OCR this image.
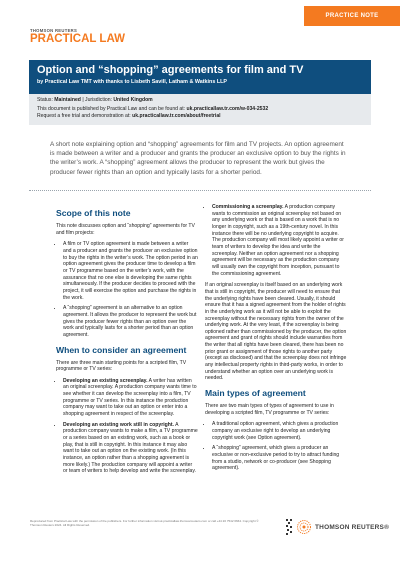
PRACTICE NOTE
THOMSON REUTERS
PRACTICAL LAW
Option and “shopping” agreements for film and TV
by Practical Law TMT with thanks to Lisbeth Savill, Latham & Watkins LLP
Status: Maintained | Jurisdiction: United Kingdom
This document is published by Practical Law and can be found at: uk.practicallaw.tr.com/w-034-2532
Request a free trial and demonstration at: uk.practicallaw.tr.com/about/freetrial
A short note explaining option and “shopping” agreements for film and TV projects. An option agreement is made between a writer and a producer and grants the producer an exclusive option to buy the rights in the writer’s work. A “shopping” agreement allows the producer to represent the work but gives the producer fewer rights than an option and typically lasts for a shorter period.
Scope of this note

This note discusses option and “shopping” agreements for TV and film projects:

• A film or TV option agreement is made between a writer and a producer and grants the producer an exclusive option to buy the rights in the writer’s work. The option period in an option agreement gives the producer time to develop a film or TV programme based on the writer’s work, with the assurance that no one else is developing the same rights simultaneously. If the producer decides to proceed with the project, it will exercise the option and purchase the rights in the work.
• A “shopping” agreement is an alternative to an option agreement. It allows the producer to represent the work but gives the producer fewer rights than an option over the work and typically lasts for a shorter period than an option agreement.
When to consider an agreement

There are three main starting points for a scripted film, TV programme or TV series:

• Developing an existing screenplay. A writer has written an original screenplay. A production company wants time to see whether it can develop the screenplay into a film, TV programme or TV series. In this instance the production company may want to take out an option or enter into a shopping agreement in respect of the screenplay.
• Developing an existing work still in copyright. A production company wants to make a film, a TV programme or a series based on an existing work, such as a book or play, that is still in copyright. In this instance it may also want to take out an option on the existing work. (In this instance, an option rather than a shopping agreement is more likely.) The production company will appoint a writer or team of writers to help develop and write the screenplay.
• Commissioning a screenplay. A production company wants to commission an original screenplay not based on any underlying work or that is based on a work that is no longer in copyright, such as a 19th-century novel. In this instance there will be no underlying copyright to acquire. The production company will most likely appoint a writer or team of writers to develop the idea and write the screenplay. Neither an option agreement nor a shopping agreement will be necessary as the production company will usually own the copyright from inception, pursuant to the commissioning agreement.

If an original screenplay is itself based on an underlying work that is still in copyright, the producer will need to ensure that the underlying rights have been cleared. Usually, it should ensure that it has a signed agreement from the holder of rights in the underlying work as it will not be able to exploit the screenplay without the necessary rights from the owner of the underlying work. At the very least, if the screenplay is being optioned rather than commissioned by the producer, the option agreement and grant of rights should include warranties from the writer that all rights have been cleared, there has been no prior grant or assignment of those rights to another party (except as disclosed) and that the screenplay does not infringe any intellectual property rights in third-party works, in order to understand whether an option over an underlying work is needed.

Main types of agreement

There are two main types of types of agreement to use in developing a scripted film, TV programme or TV series:

• A traditional option agreement, which gives a production company an exclusive right to develop an underlying copyright work (see Option agreement).
• A “shopping” agreement, which gives a producer an exclusive or non-exclusive period to try to attract funding from a studio, network or co-producer (see Shopping agreement).
Reproduced from Practical Law with the permission of the publishers. For further information visit uk.practicallaw.thomsonreuters.com or call +44 20 7542 6664. Copyright © Thomson Reuters 2024. All Rights Reserved.	THOMSON REUTERS®
